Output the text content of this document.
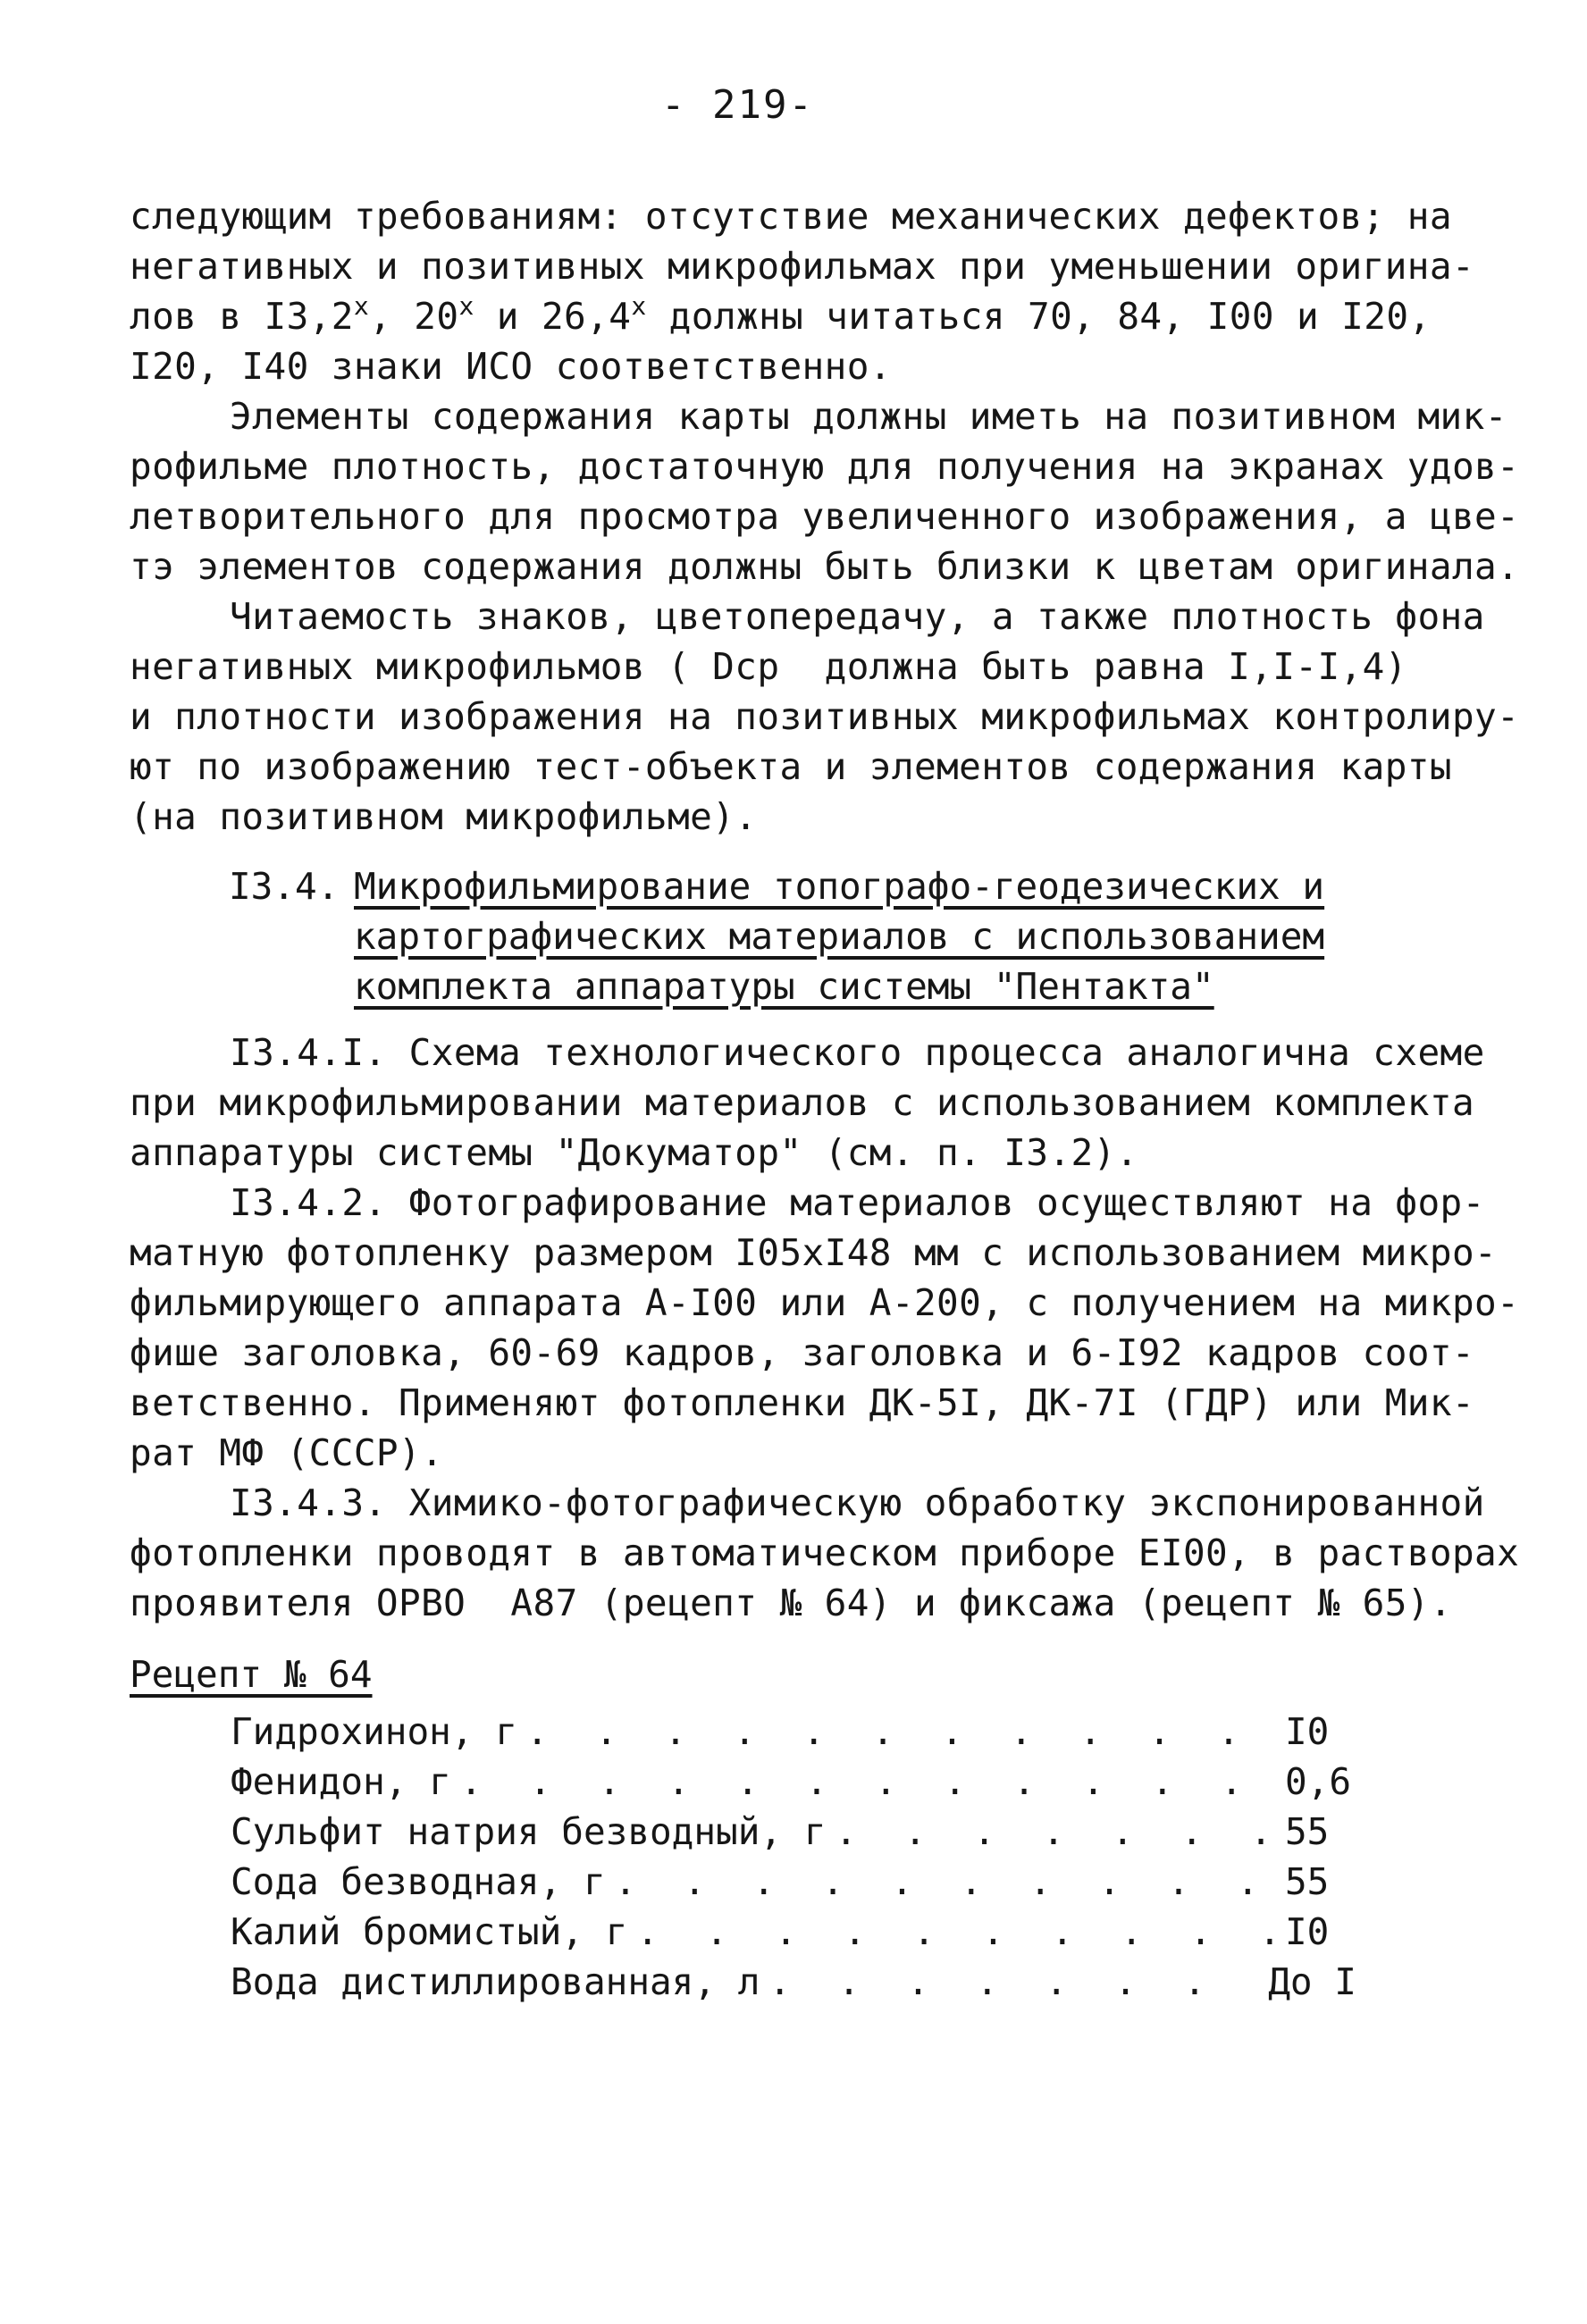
- 219-
следующим требованиям: отсутствие механических дефектов; на
негативных и позитивных микрофильмах при уменьшении оригина-
лов в I3,2$^x$, 20$^x$ и 26,4$^x$ должны читаться 70, 84, I00 и I20,
I20, I40 знаки ИСО соответственно.
Элементы содержания карты должны иметь на позитивном мик-
рофильме плотность, достаточную для получения на экранах удов-
летворительного для просмотра увеличенного изображения, а цве-
тэ элементов содержания должны быть близки к цветам оригинала.
Читаемость знаков, цветопередачу, а также плотность фона
негативных микрофильмов ( Dср  должна быть равна I,I-I,4)
и плотности изображения на позитивных микрофильмах контролиру-
ют по изображению тест-объекта и элементов содержания карты
(на позитивном микрофильме).
I3.4. Микрофильмирование топографо-геодезических и
картографических материалов с использованием
комплекта аппаратуры системы "Пентакта"
I3.4.I. Схема технологического процесса аналогична схеме
при микрофильмировании материалов с использованием комплекта
аппаратуры системы "Докуматор" (см. п. I3.2).
I3.4.2. Фотографирование материалов осуществляют на фор-
матную фотопленку размером I05xI48 мм с использованием микро-
фильмирующего аппарата А-I00 или А-200, с получением на микро-
фише заголовка, 60-69 кадров, заголовка и 6-I92 кадров соот-
ветственно. Применяют фотопленки ДК-5I, ДК-7I (ГДР) или Мик-
рат МФ (СССР).
I3.4.3. Химико-фотографическую обработку экспонированной
фотопленки проводят в автоматическом приборе ЕI00, в растворах
проявителя ОРВО  А87 (рецепт № 64) и фиксажа (рецепт № 65).
Рецепт № 64
Гидрохинон, г . . .	I0
Фенидон, г . . .	0,6
Сульфит натрия безводный, г . . .	55
Сода безводная, г . . .	55
Калий бромистый, г . . .	I0
Вода дистиллированная, л . . .	До I
